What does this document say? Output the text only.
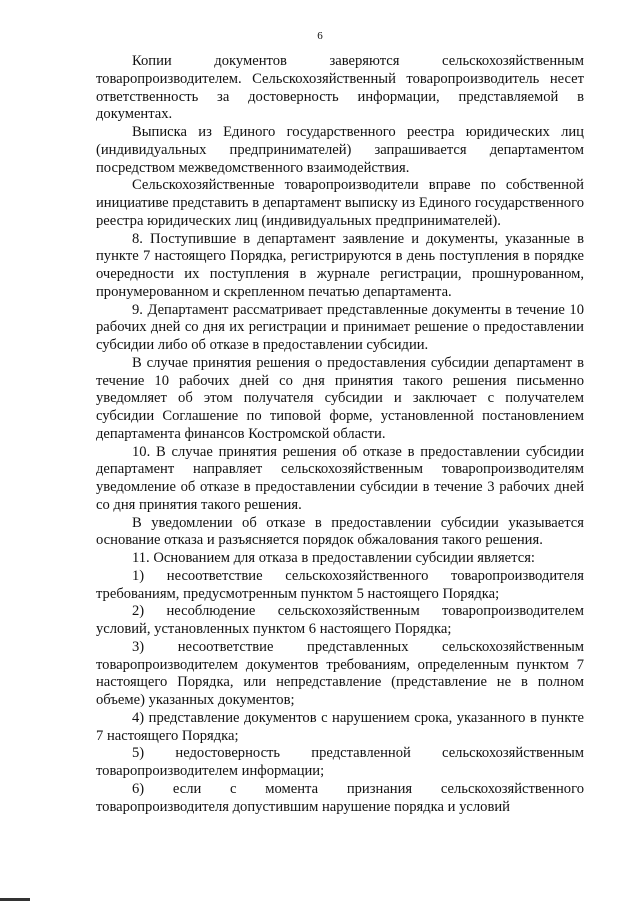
6

Копии документов заверяются сельскохозяйственным товаропроизводителем. Сельскохозяйственный товаропроизводитель несет ответственность за достоверность информации, представляемой в документах.

Выписка из Единого государственного реестра юридических лиц (индивидуальных предпринимателей) запрашивается департаментом посредством межведомственного взаимодействия.

Сельскохозяйственные товаропроизводители вправе по собственной инициативе представить в департамент выписку из Единого государственного реестра юридических лиц (индивидуальных предпринимателей).

8. Поступившие в департамент заявление и документы, указанные в пункте 7 настоящего Порядка, регистрируются в день поступления в порядке очередности их поступления в журнале регистрации, прошнурованном, пронумерованном и скрепленном печатью департамента.

9. Департамент рассматривает представленные документы в течение 10 рабочих дней со дня их регистрации и принимает решение о предоставлении субсидии либо об отказе в предоставлении субсидии.

В случае принятия решения о предоставления субсидии департамент в течение 10 рабочих дней со дня принятия такого решения письменно уведомляет об этом получателя субсидии и заключает с получателем субсидии Соглашение по типовой форме, установленной постановлением департамента финансов Костромской области.

10. В случае принятия решения об отказе в предоставлении субсидии департамент направляет сельскохозяйственным товаропроизводителям уведомление об отказе в предоставлении субсидии в течение 3 рабочих дней со дня принятия такого решения.

В уведомлении об отказе в предоставлении субсидии указывается основание отказа и разъясняется порядок обжалования такого решения.

11. Основанием для отказа в предоставлении субсидии является:

1) несоответствие сельскохозяйственного товаропроизводителя требованиям, предусмотренным пунктом 5 настоящего Порядка;

2) несоблюдение сельскохозяйственным товаропроизводителем условий, установленных пунктом 6 настоящего Порядка;

3) несоответствие представленных сельскохозяйственным товаропроизводителем документов требованиям, определенным пунктом 7 настоящего Порядка, или непредставление (представление не в полном объеме) указанных документов;

4) представление документов с нарушением срока, указанного в пункте 7 настоящего Порядка;

5) недостоверность представленной сельскохозяйственным товаропроизводителем информации;

6) если с момента признания сельскохозяйственного товаропроизводителя допустившим нарушение порядка и условий
